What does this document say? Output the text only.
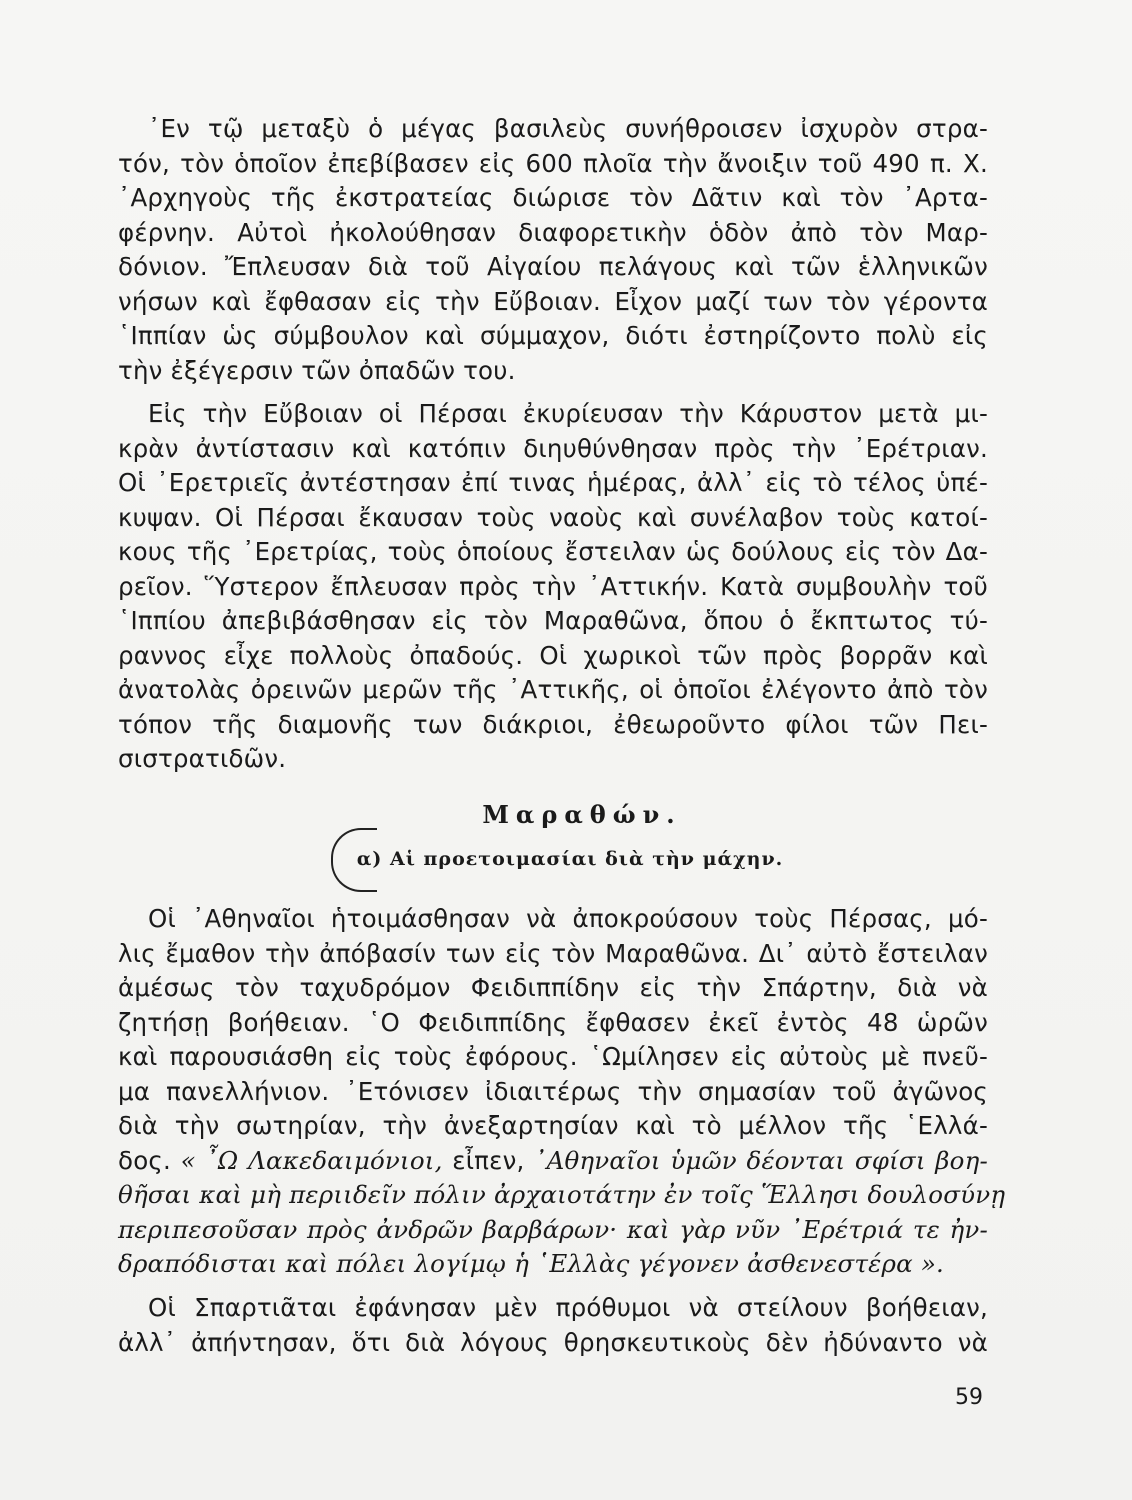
᾿Εν τῷ μεταξὺ ὁ μέγας βασιλεὺς συνήθροισεν ἰσχυρὸν στρα-
τόν, τὸν ὁποῖον ἐπεβίβασεν εἰς 600 πλοῖα τὴν ἄνοιξιν τοῦ 490 π. Χ.
᾿Αρχηγοὺς τῆς ἐκστρατείας διώρισε τὸν Δᾶτιν καὶ τὸν ᾿Αρτα-
φέρνην. Αὐτοὶ ἠκολούθησαν διαφορετικὴν ὁδὸν ἀπὸ τὸν Μαρ-
δόνιον. Ἔπλευσαν διὰ τοῦ Αἰγαίου πελάγους καὶ τῶν ἑλληνικῶν
νήσων καὶ ἔφθασαν εἰς τὴν Εὔβοιαν. Εἶχον μαζί των τὸν γέροντα
῾Ιππίαν ὡς σύμβουλον καὶ σύμμαχον, διότι ἐστηρίζοντο πολὺ εἰς
τὴν ἐξέγερσιν τῶν ὀπαδῶν του.
Εἰς τὴν Εὔβοιαν οἱ Πέρσαι ἐκυρίευσαν τὴν Κάρυστον μετὰ μι-
κρὰν ἀντίστασιν καὶ κατόπιν διηυθύνθησαν πρὸς τὴν ᾿Ερέτριαν.
Οἱ ᾿Ερετριεῖς ἀντέστησαν ἐπί τινας ἡμέρας, ἀλλ᾿ εἰς τὸ τέλος ὑπέ-
κυψαν. Οἱ Πέρσαι ἔκαυσαν τοὺς ναοὺς καὶ συνέλαβον τοὺς κατοί-
κους τῆς ᾿Ερετρίας, τοὺς ὁποίους ἔστειλαν ὡς δούλους εἰς τὸν Δα-
ρεῖον. Ὕστερον ἔπλευσαν πρὸς τὴν ᾿Αττικήν. Κατὰ συμβουλὴν τοῦ
῾Ιππίου ἀπεβιβάσθησαν εἰς τὸν Μαραθῶνα, ὅπου ὁ ἔκπτωτος τύ-
ραννος εἶχε πολλοὺς ὀπαδούς. Οἱ χωρικοὶ τῶν πρὸς βορρᾶν καὶ
ἀνατολὰς ὀρεινῶν μερῶν τῆς ᾿Αττικῆς, οἱ ὁποῖοι ἐλέγοντο ἀπὸ τὸν
τόπον τῆς διαμονῆς των διάκριοι, ἐθεωροῦντο φίλοι τῶν Πει-
σιστρατιδῶν.
Μαραθών.
α) Αἱ προετοιμασίαι διὰ τὴν μάχην.
Οἱ ᾿Αθηναῖοι ἡτοιμάσθησαν νὰ ἀποκρούσουν τοὺς Πέρσας, μό-
λις ἔμαθον τὴν ἀπόβασίν των εἰς τὸν Μαραθῶνα. Δι᾿ αὐτὸ ἔστειλαν
ἀμέσως τὸν ταχυδρόμον Φειδιππίδην εἰς τὴν Σπάρτην, διὰ νὰ
ζητήσῃ βοήθειαν. ῾Ο Φειδιππίδης ἔφθασεν ἐκεῖ ἐντὸς 48 ὡρῶν
καὶ παρουσιάσθη εἰς τοὺς ἐφόρους. ῾Ωμίλησεν εἰς αὐτοὺς μὲ πνεῦ-
μα πανελλήνιον. ᾿Ετόνισεν ἰδιαιτέρως τὴν σημασίαν τοῦ ἀγῶνος
διὰ τὴν σωτηρίαν, τὴν ἀνεξαρτησίαν καὶ τὸ μέλλον τῆς ῾Ελλά-
δος. « ῏Ω Λακεδαιμόνιοι, εἶπεν, ᾿Αθηναῖοι ὑμῶν δέονται σφίσι βοη-
θῆσαι καὶ μὴ περιιδεῖν πόλιν ἀρχαιοτάτην ἐν τοῖς Ἕλλησι δουλοσύνῃ
περιπεσοῦσαν πρὸς ἀνδρῶν βαρβάρων· καὶ γὰρ νῦν ᾿Ερέτριά τε ἠν-
δραπόδισται καὶ πόλει λογίμῳ ἡ ῾Ελλὰς γέγονεν ἀσθενεστέρα ».
Οἱ Σπαρτιᾶται ἐφάνησαν μὲν πρόθυμοι νὰ στείλουν βοήθειαν,
ἀλλ᾿ ἀπήντησαν, ὅτι διὰ λόγους θρησκευτικοὺς δὲν ἠδύναντο νὰ
59
